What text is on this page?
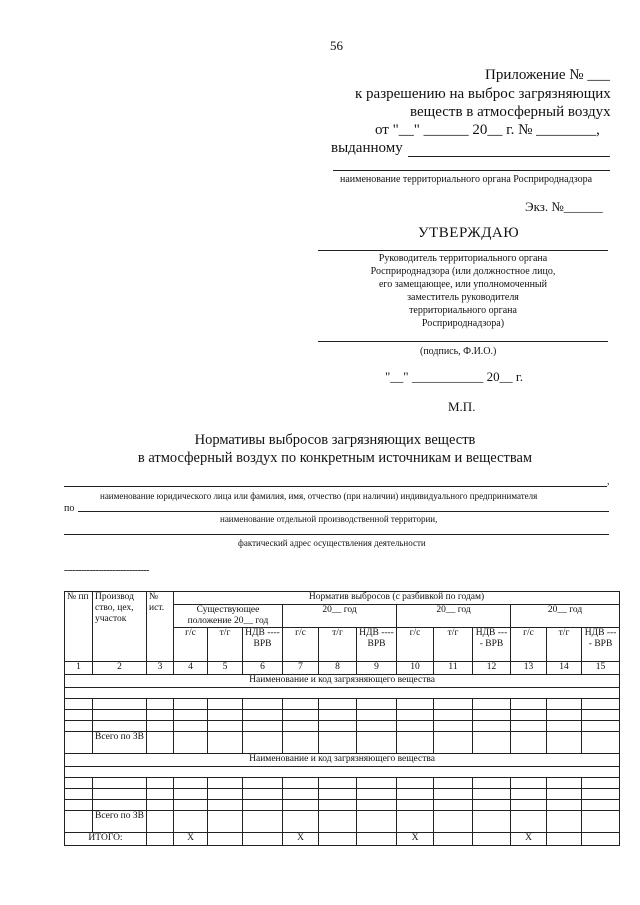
56
Приложение № ___
к разрешению на выброс загрязняющих
веществ в атмосферный воздух
от "__" ______ 20__ г. № ________,
выданному
наименование территориального органа Росприроднадзора
Экз. №______
УТВЕРЖДАЮ
Руководитель территориального органа
Росприроднадзора (или должностное лицо,
его замещающее, или уполномоченный
заместитель руководителя
территориального органа
Росприроднадзора)
(подпись, Ф.И.О.)
"__" ___________ 20__ г.
М.П.
Нормативы выбросов загрязняющих веществ
в атмосферный воздух по конкретным источникам и веществам
,
наименование юридического лица или фамилия, имя, отчество (при наличии) индивидуального предпринимателя
по
наименование отдельной производственной территории,
фактический адрес осуществления деятельности
------------------------------
№ пп	Производ ство, цех, участок	№ ист.	Норматив выбросов (с разбивкой по годам)											
			Существующее положение 20__ год			20__ год			20__ год			20__ год		
			г/с	т/г	НДВ ---- ВРВ	г/с	т/г	НДВ ---- ВРВ	г/с	т/г	НДВ ---- ВРВ	г/с	т/г	НДВ ---- ВРВ
1	2	3	4	5	6	7	8	9	10	11	12	13	14	15
Наименование и код загрязняющего вещества														

	Всего по ЗВ													
Наименование и код загрязняющего вещества														

	Всего по ЗВ													
ИТОГО:			X			X			X			X		
